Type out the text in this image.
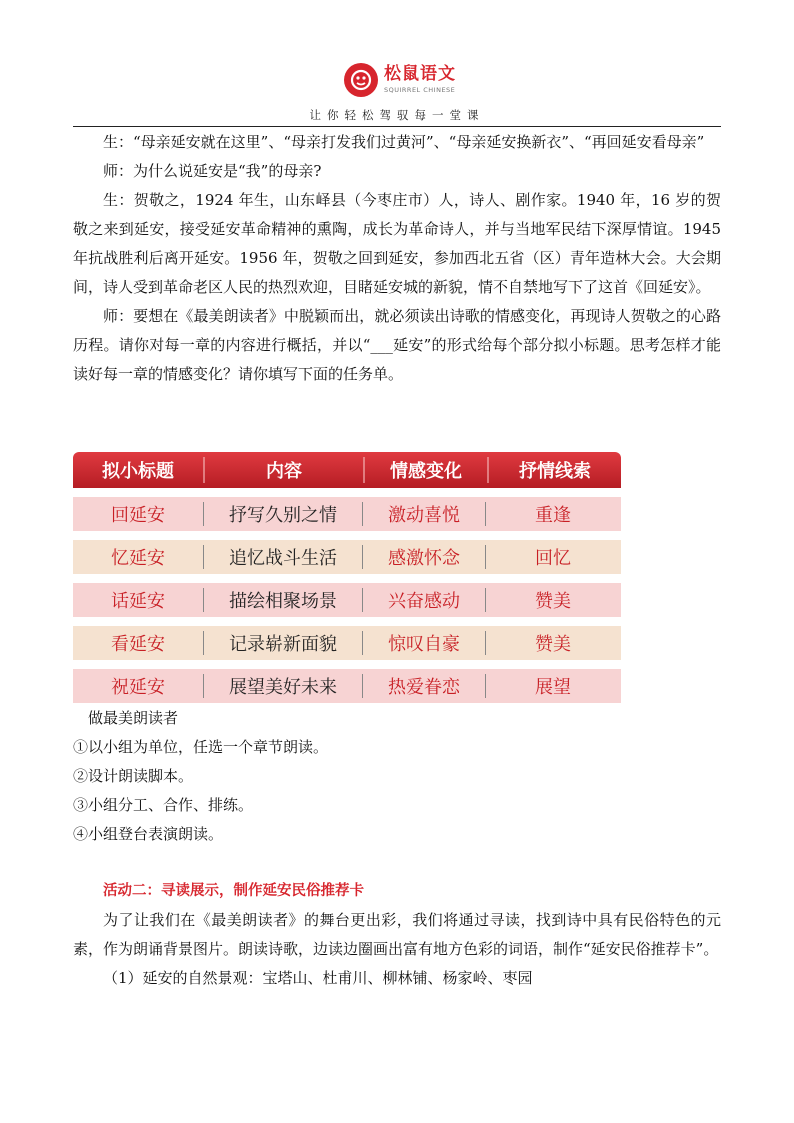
松鼠语文
SQUIRREL CHINESE
让你轻松驾驭每一堂课

生：“母亲延安就在这里”、“母亲打发我们过黄河”、“母亲延安换新衣”、“再回延安看母亲”

师：为什么说延安是“我”的母亲?

生：贺敬之，1924 年生，山东峄县（今枣庄市）人，诗人、剧作家。1940 年，16 岁的贺敬之来到延安，接受延安革命精神的熏陶，成长为革命诗人，并与当地军民结下深厚情谊。1945 年抗战胜利后离开延安。1956 年，贺敬之回到延安，参加西北五省（区）青年造林大会。大会期间，诗人受到革命老区人民的热烈欢迎，目睹延安城的新貌，情不自禁地写下了这首《回延安》。

师：要想在《最美朗读者》中脱颖而出，就必须读出诗歌的情感变化，再现诗人贺敬之的心路历程。请你对每一章的内容进行概括，并以“___延安”的形式给每个部分拟小标题。思考怎样才能读好每一章的情感变化？请你填写下面的任务单。

拟小标题	内容	情感变化	抒情线索
回延安	抒写久别之情	激动喜悦	重逢
忆延安	追忆战斗生活	感激怀念	回忆
话延安	描绘相聚场景	兴奋感动	赞美
看延安	记录崭新面貌	惊叹自豪	赞美
祝延安	展望美好未来	热爱眷恋	展望

做最美朗读者

①以小组为单位，任选一个章节朗读。

②设计朗读脚本。

③小组分工、合作、排练。

④小组登台表演朗读。

活动二：寻读展示，制作延安民俗推荐卡

为了让我们在《最美朗读者》的舞台更出彩，我们将通过寻读，找到诗中具有民俗特色的元素，作为朗诵背景图片。朗读诗歌，边读边圈画出富有地方色彩的词语，制作“延安民俗推荐卡”。

（1）延安的自然景观：宝塔山、杜甫川、柳林铺、杨家岭、枣园
